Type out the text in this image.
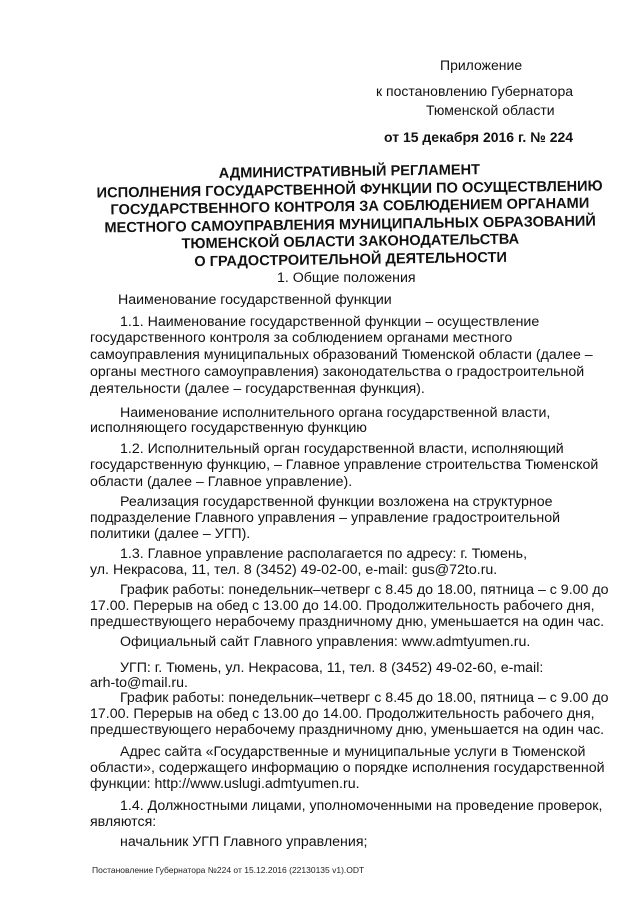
Приложение
к постановлению Губернатора
Тюменской области
от 15 декабря 2016 г. № 224
АДМИНИСТРАТИВНЫЙ РЕГЛАМЕНТ
ИСПОЛНЕНИЯ ГОСУДАРСТВЕННОЙ ФУНКЦИИ ПО ОСУЩЕСТВЛЕНИЮ
ГОСУДАРСТВЕННОГО КОНТРОЛЯ ЗА СОБЛЮДЕНИЕМ ОРГАНАМИ
МЕСТНОГО САМОУПРАВЛЕНИЯ МУНИЦИПАЛЬНЫХ ОБРАЗОВАНИЙ
ТЮМЕНСКОЙ ОБЛАСТИ ЗАКОНОДАТЕЛЬСТВА
О ГРАДОСТРОИТЕЛЬНОЙ ДЕЯТЕЛЬНОСТИ
1. Общие положения
Наименование государственной функции
1.1. Наименование государственной функции – осуществление
государственного контроля за соблюдением органами местного
самоуправления муниципальных образований Тюменской области (далее –
органы местного самоуправления) законодательства о градостроительной
деятельности (далее – государственная функция).
Наименование исполнительного органа государственной власти,
исполняющего государственную функцию
1.2. Исполнительный орган государственной власти, исполняющий
государственную функцию, – Главное управление строительства Тюменской
области (далее – Главное управление).
Реализация государственной функции возложена на структурное
подразделение Главного управления – управление градостроительной
политики (далее – УГП).
1.3. Главное управление располагается по адресу: г. Тюмень,
ул. Некрасова, 11, тел. 8 (3452) 49-02-00, e-mail: gus@72to.ru.
График работы: понедельник–четверг с 8.45 до 18.00, пятница – с 9.00 до
17.00. Перерыв на обед с 13.00 до 14.00. Продолжительность рабочего дня,
предшествующего нерабочему праздничному дню, уменьшается на один час.
Официальный сайт Главного управления: www.admtyumen.ru.
УГП: г. Тюмень, ул. Некрасова, 11, тел. 8 (3452) 49-02-60, e-mail:
arh-to@mail.ru.
График работы: понедельник–четверг с 8.45 до 18.00, пятница – с 9.00 до
17.00. Перерыв на обед с 13.00 до 14.00. Продолжительность рабочего дня,
предшествующего нерабочему праздничному дню, уменьшается на один час.
Адрес сайта «Государственные и муниципальные услуги в Тюменской
области», содержащего информацию о порядке исполнения государственной
функции: http://www.uslugi.admtyumen.ru.
1.4. Должностными лицами, уполномоченными на проведение проверок,
являются:
начальник УГП Главного управления;
Постановление Губернатора №224 от 15.12.2016 (22130135 v1).ODT
